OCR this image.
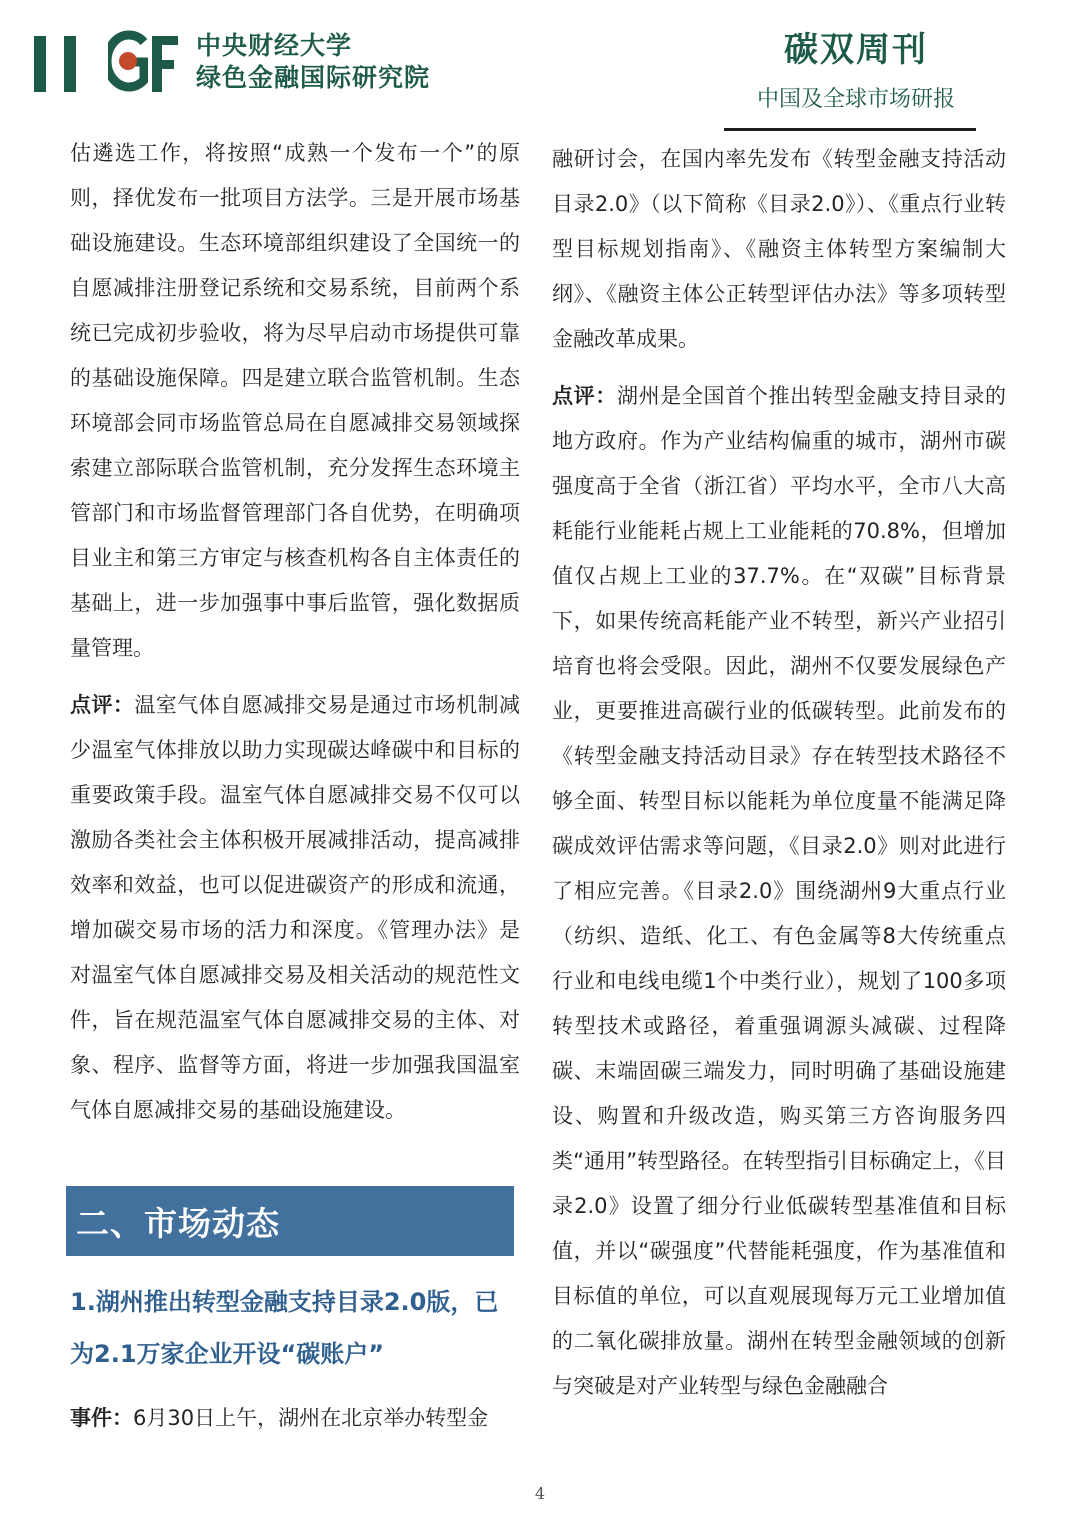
中央财经大学
绿色金融国际研究院
碳双周刊
中国及全球市场研报

估遴选工作，将按照“成熟一个发布一个”的原则，择优发布一批项目方法学。三是开展市场基础设施建设。生态环境部组织建设了全国统一的自愿减排注册登记系统和交易系统，目前两个系统已完成初步验收，将为尽早启动市场提供可靠的基础设施保障。四是建立联合监管机制。生态环境部会同市场监管总局在自愿减排交易领域探索建立部际联合监管机制，充分发挥生态环境主管部门和市场监督管理部门各自优势，在明确项目业主和第三方审定与核查机构各自主体责任的基础上，进一步加强事中事后监管，强化数据质量管理。

点评：温室气体自愿减排交易是通过市场机制减少温室气体排放以助力实现碳达峰碳中和目标的重要政策手段。温室气体自愿减排交易不仅可以激励各类社会主体积极开展减排活动，提高减排效率和效益，也可以促进碳资产的形成和流通，增加碳交易市场的活力和深度。《管理办法》是对温室气体自愿减排交易及相关活动的规范性文件，旨在规范温室气体自愿减排交易的主体、对象、程序、监督等方面，将进一步加强我国温室气体自愿减排交易的基础设施建设。

二、市场动态
1.湖州推出转型金融支持目录2.0版，已为2.1万家企业开设“碳账户”
事件：6月30日上午，湖州在北京举办转型金

融研讨会，在国内率先发布《转型金融支持活动目录2.0》（以下简称《目录2.0》）、《重点行业转型目标规划指南》、《融资主体转型方案编制大纲》、《融资主体公正转型评估办法》等多项转型金融改革成果。

点评：湖州是全国首个推出转型金融支持目录的地方政府。作为产业结构偏重的城市，湖州市碳强度高于全省（浙江省）平均水平，全市八大高耗能行业能耗占规上工业能耗的70.8%，但增加值仅占规上工业的37.7%。在“双碳”目标背景下，如果传统高耗能产业不转型，新兴产业招引培育也将会受限。因此，湖州不仅要发展绿色产业，更要推进高碳行业的低碳转型。此前发布的《转型金融支持活动目录》存在转型技术路径不够全面、转型目标以能耗为单位度量不能满足降碳成效评估需求等问题，《目录2.0》则对此进行了相应完善。《目录2.0》围绕湖州9大重点行业（纺织、造纸、化工、有色金属等8大传统重点行业和电线电缆1个中类行业），规划了100多项转型技术或路径，着重强调源头减碳、过程降碳、末端固碳三端发力，同时明确了基础设施建设、购置和升级改造，购买第三方咨询服务四类“通用”转型路径。在转型指引目标确定上，《目录2.0》设置了细分行业低碳转型基准值和目标值，并以“碳强度”代替能耗强度，作为基准值和目标值的单位，可以直观展现每万元工业增加值的二氧化碳排放量。湖州在转型金融领域的创新与突破是对产业转型与绿色金融融合

4
